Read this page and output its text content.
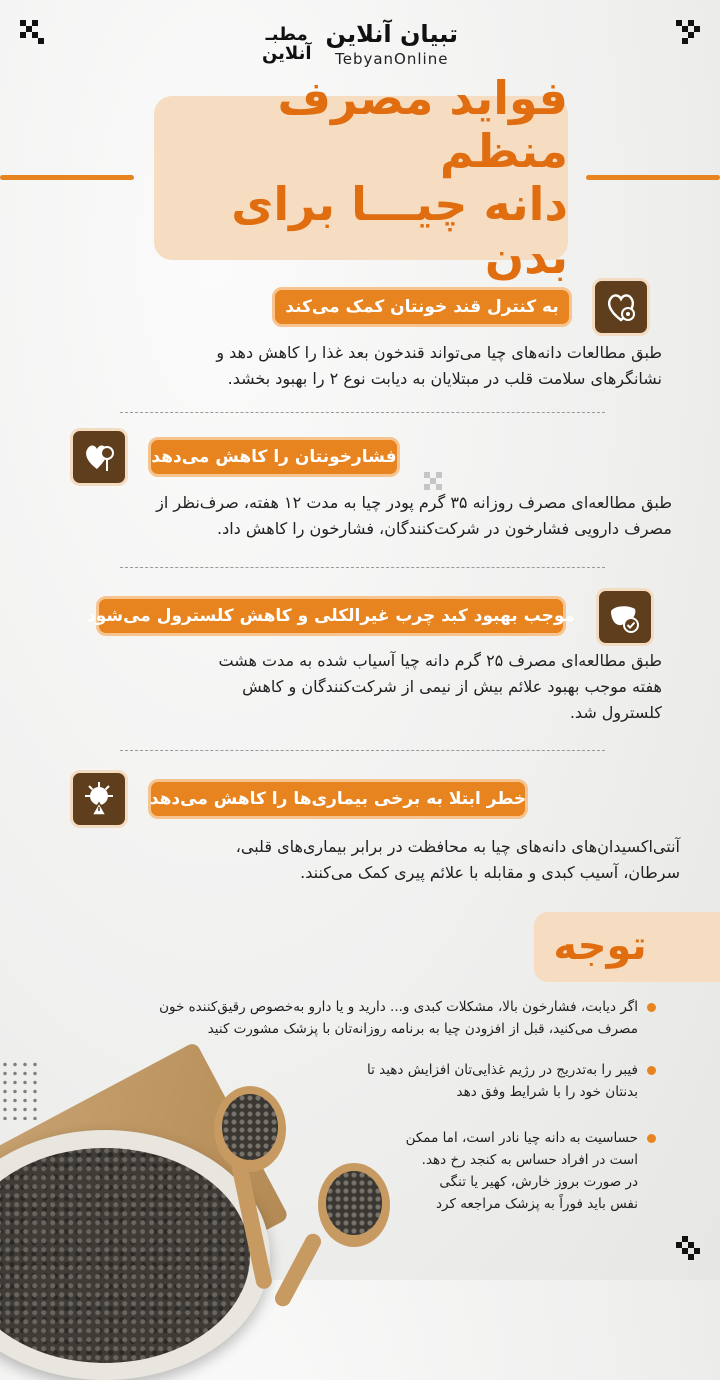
تبیان آنلاین
TebyanOnline
مطبـ
آنلاین
فواید مصرف منظم
دانه چیـــا برای بدن
به کنترل قند خونتان کمک می‌کند
طبق مطالعات دانه‌های چیا می‌تواند قندخون بعد غذا را کاهش دهد و
نشانگرهای سلامت قلب در مبتلایان به دیابت نوع ۲ را بهبود بخشد.
فشارخونتان را کاهش می‌دهد
طبق مطالعه‌ای مصرف روزانه ۳۵ گرم پودر چیا به مدت ۱۲ هفته، صرف‌نظر از
مصرف دارویی فشارخون در شرکت‌کنندگان، فشارخون را کاهش داد.
موجب بهبود کبد چرب غیرالکلی و کاهش کلسترول می‌شود
طبق مطالعه‌ای مصرف ۲۵ گرم دانه چیا آسیاب شده به مدت هشت
هفته موجب بهبود علائم بیش از نیمی از شرکت‌کنندگان و کاهش
کلسترول شد.
خطر ابتلا به برخی بیماری‌ها را کاهش می‌دهد
آنتی‌اکسیدان‌های دانه‌های چیا به محافظت در برابر بیماری‌های قلبی،
سرطان، آسیب کبدی و مقابله با علائم پیری کمک می‌کنند.
توجه
اگر دیابت، فشارخون بالا، مشکلات کبدی و... دارید و یا دارو به‌خصوص رقیق‌کننده خون
مصرف می‌کنید، قبل از افزودن چیا به برنامه روزانه‌تان با پزشک مشورت کنید
فیبر را به‌تدریج در رژیم غذایی‌تان افزایش دهید تا
بدنتان خود را با شرایط وفق دهد
حساسیت به دانه چیا نادر است، اما ممکن
است در افراد حساس به کنجد رخ دهد.
در صورت بروز خارش، کهیر یا تنگی
نفس باید فوراً به پزشک مراجعه کرد
